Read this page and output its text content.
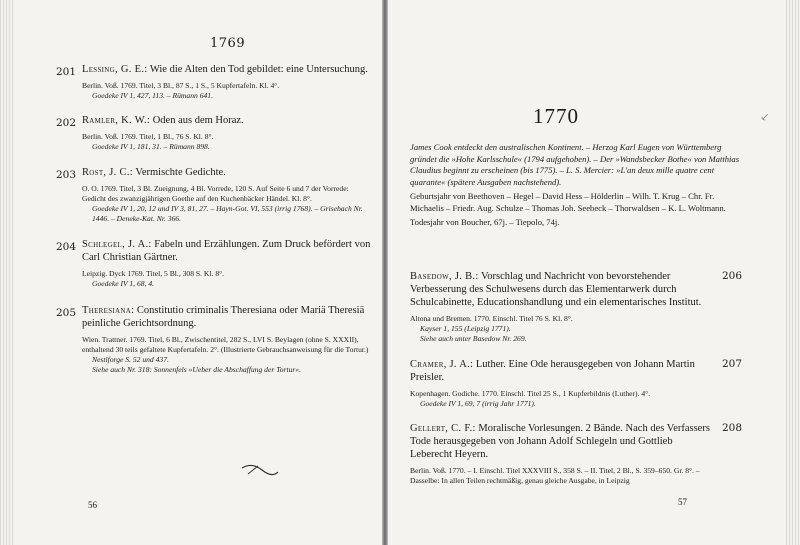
1769
201 Lessing, G. E.: Wie die Alten den Tod gebildet: eine Untersuchung.
Berlin. Voß. 1769. Titel, 3 Bl., 87 S., 1 S., 5 Kupfertafeln. Kl. 4°.
Goedeke IV 1, 427, 113. – Rümann 641.
202 Ramler, K. W.: Oden aus dem Horaz.
Berlin. Voß. 1769. Titel, 1 Bl., 76 S. Kl. 8°.
Goedeke IV 1, 181, 31. – Rümann 898.
203 Rost, J. C.: Vermischte Gedichte.
O. O. 1769. Titel, 3 Bl. Zueignung, 4 Bl. Vorrede, 120 S. Auf Seite 6 und 7 der Vorrede: Gedicht des zwanzigjährigen Goethe auf den Kuchenbäcker Händel. Kl. 8°.
Goedeke IV 1, 20, 12 und IV 3, 81, 27. – Hayn-Got. VI, 553 (irrig 1768). – Grisebach Nr. 1446. – Deneke-Kat. Nr. 366.
204 Schlegel, J. A.: Fabeln und Erzählungen. Zum Druck befördert von Carl Christian Gärtner.
Leipzig. Dyck 1769. Titel, 5 Bl., 308 S. Kl. 8°.
Goedeke IV 1, 68, 4.
205 Theresiana: Constitutio criminalis Theresiana oder Mariä Theresiä peinliche Gerichtsordnung.
Wien. Trattner. 1769. Titel, 6 Bl., Zwischentitel, 282 S., LVI S. Beylagen (ohne S. XXXII), enthaltend 30 teils gefaltete Kupfertafeln. 2°. (Illustrierte Gebrauchsanweisung für die Tortur.)
Nestlforge S. 52 und 437.
Siehe auch Nr. 318: Sonnenfels »Ueber die Abschaffung der Tortur«.
56
1770	⸔

James Cook entdeckt den australischen Kontinent. – Herzog Karl Eugen von Württemberg gründet die »Hohe Karlsschule« (1794 aufgehoben). – Der »Wandsbecker Bothe« von Matthias Claudius beginnt zu erscheinen (bis 1775). – L. S. Mercier: »L'an deux mille quatre cent quarante« (spätere Ausgaben nachstehend).

Geburtsjahr von Beethoven – Hegel – David Hess – Hölderlin – Wilh. T. Krug – Chr. Fr. Michaelis – Friedr. Aug. Schulze – Thomas Joh. Seebeck – Thorwaldsen – K. L. Woltmann.

Todesjahr von Boucher, 67j. – Tiepolo, 74j.

Basedow, J. B.: Vorschlag und Nachricht von bevorstehender Verbesserung des Schulwesens durch das Elementarwerk durch Schulcabinette, Educationshandlung und ein elementarisches Institut.
Altona und Bremen. 1770. Einschl. Titel 76 S. Kl. 8°.
Kayser 1, 155 (Leipzig 1771).
Siehe auch unter Basedow Nr. 269.
206
Cramer, J. A.: Luther. Eine Ode herausgegeben von Johann Martin Preisler.
Kopenhagen. Godiche. 1770. Einschl. Titel 25 S., 1 Kupferbildnis (Luther). 4°.
Goedeke IV 1, 69, 7 (irrig Jahr 1771).
207
Gellert, C. F.: Moralische Vorlesungen. 2 Bände. Nach des Verfassers Tode herausgegeben von Johann Adolf Schlegeln und Gottlieb Leberecht Heyern.
Berlin. Voß. 1770. – I. Einschl. Titel XXXVIII S., 358 S. – II. Titel, 2 Bl., S. 359–650. Gr. 8°. – Dasselbe: In allen Teilen rechtmäßig, genau gleiche Ausgabe, in Leipzig
208
57
